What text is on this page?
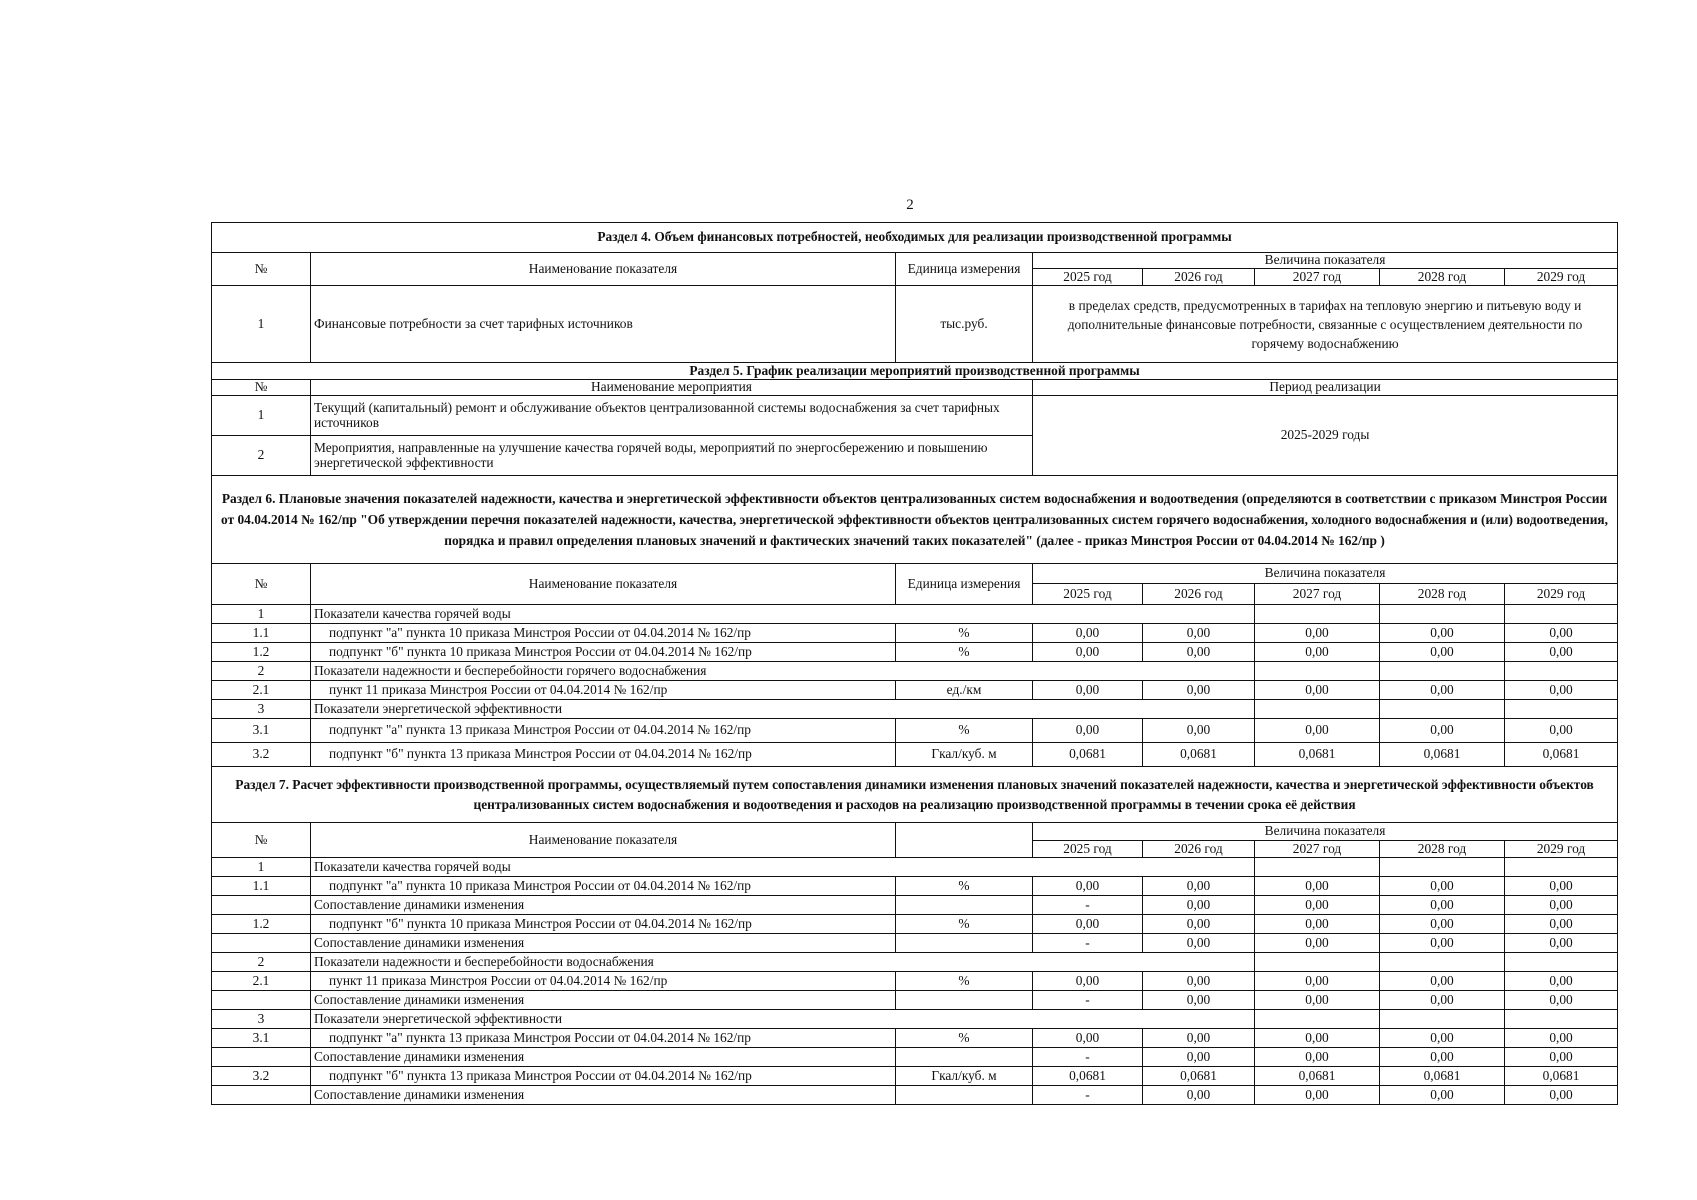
2
Раздел 4. Объем финансовых потребностей, необходимых для реализации производственной программы							
№	Наименование показателя	Единица измерения	Величина показателя				
			2025 год	2026 год	2027 год	2028 год	2029 год
1	Финансовые потребности за счет тарифных источников	тыс.руб.	в пределах средств, предусмотренных в тарифах на тепловую энергию и питьевую воду и дополнительные финансовые потребности, связанные с осуществлением деятельности по горячему водоснабжению				
Раздел 5. График реализации мероприятий производственной программы							
№	Наименование мероприятия		Период реализации				
1	Текущий (капитальный) ремонт и обслуживание объектов централизованной системы водоснабжения за счет тарифных источников		2025-2029 годы				
2	Мероприятия, направленные на улучшение качества горячей воды, мероприятий по энергосбережению и повышению энергетической эффективности						
Раздел 6. Плановые значения показателей надежности, качества и энергетической эффективности объектов централизованных систем водоснабжения и водоотведения (определяются в соответствии с приказом Минстроя России от 04.04.2014 № 162/пр "Об утверждении перечня показателей надежности, качества, энергетической эффективности объектов централизованных систем горячего водоснабжения, холодного водоснабжения и (или) водоотведения, порядка и правил определения плановых значений и фактических значений таких показателей" (далее - приказ Минстроя России от 04.04.2014 № 162/пр )							
№	Наименование показателя	Единица измерения	Величина показателя				
			2025 год	2026 год	2027 год	2028 год	2029 год
1	Показатели качества горячей воды						
1.1	подпункт "а" пункта 10 приказа Минстроя России от 04.04.2014 № 162/пр	%	0,00	0,00	0,00	0,00	0,00
1.2	подпункт "б" пункта 10 приказа Минстроя России от 04.04.2014 № 162/пр	%	0,00	0,00	0,00	0,00	0,00
2	Показатели надежности и бесперебойности горячего водоснабжения						
2.1	пункт 11 приказа Минстроя России от 04.04.2014 № 162/пр	ед./км	0,00	0,00	0,00	0,00	0,00
3	Показатели энергетической эффективности						
3.1	подпункт "а" пункта 13 приказа Минстроя России от 04.04.2014 № 162/пр	%	0,00	0,00	0,00	0,00	0,00
3.2	подпункт "б" пункта 13 приказа Минстроя России от 04.04.2014 № 162/пр	Гкал/куб. м	0,0681	0,0681	0,0681	0,0681	0,0681
Раздел 7. Расчет эффективности производственной программы, осуществляемый путем сопоставления динамики изменения плановых значений показателей надежности, качества и энергетической эффективности объектов централизованных систем водоснабжения и водоотведения и расходов на реализацию производственной программы в течении срока её действия							
№	Наименование показателя		Величина показателя				
			2025 год	2026 год	2027 год	2028 год	2029 год
1	Показатели качества горячей воды						
1.1	подпункт "а" пункта 10 приказа Минстроя России от 04.04.2014 № 162/пр	%	0,00	0,00	0,00	0,00	0,00
	Сопоставление динамики изменения		-	0,00	0,00	0,00	0,00
1.2	подпункт "б" пункта 10 приказа Минстроя России от 04.04.2014 № 162/пр	%	0,00	0,00	0,00	0,00	0,00
	Сопоставление динамики изменения		-	0,00	0,00	0,00	0,00
2	Показатели надежности и бесперебойности водоснабжения						
2.1	пункт 11 приказа Минстроя России от 04.04.2014 № 162/пр	%	0,00	0,00	0,00	0,00	0,00
	Сопоставление динамики изменения		-	0,00	0,00	0,00	0,00
3	Показатели энергетической эффективности						
3.1	подпункт "а" пункта 13 приказа Минстроя России от 04.04.2014 № 162/пр	%	0,00	0,00	0,00	0,00	0,00
	Сопоставление динамики изменения		-	0,00	0,00	0,00	0,00
3.2	подпункт "б" пункта 13 приказа Минстроя России от 04.04.2014 № 162/пр	Гкал/куб. м	0,0681	0,0681	0,0681	0,0681	0,0681
	Сопоставление динамики изменения		-	0,00	0,00	0,00	0,00
